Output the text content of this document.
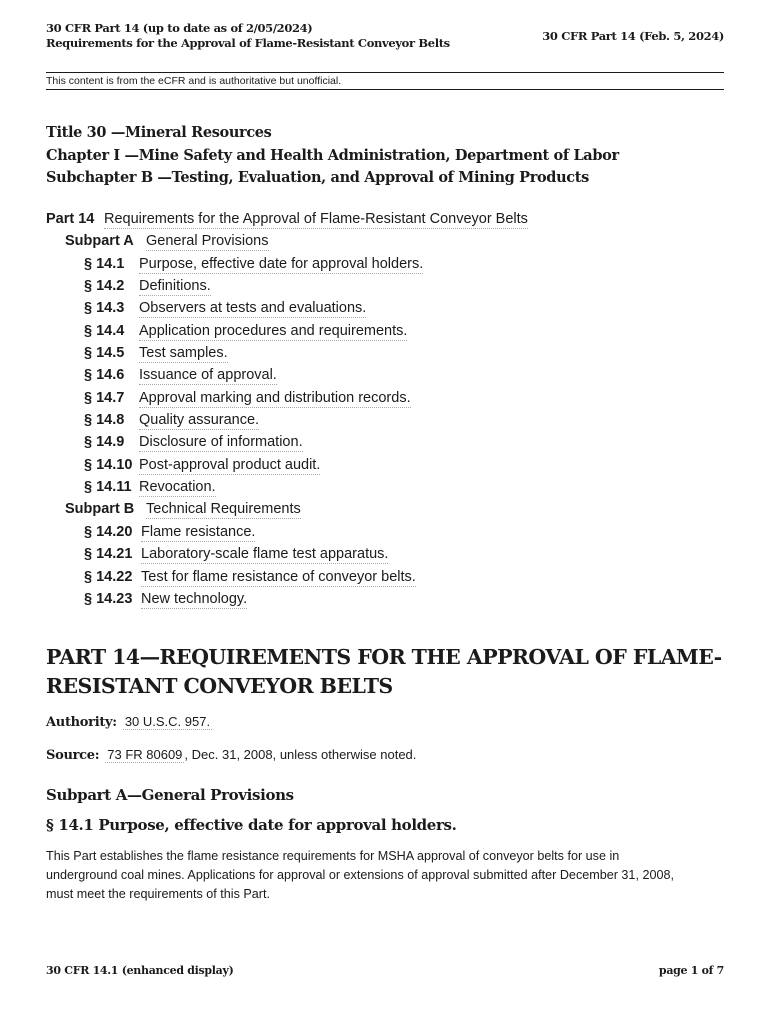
30 CFR Part 14 (up to date as of 2/05/2024)
Requirements for the Approval of Flame-Resistant Conveyor Belts	30 CFR Part 14 (Feb. 5, 2024)
This content is from the eCFR and is authoritative but unofficial.
Title 30 —Mineral Resources
Chapter I —Mine Safety and Health Administration, Department of Labor
Subchapter B —Testing, Evaluation, and Approval of Mining Products
Part 14 Requirements for the Approval of Flame-Resistant Conveyor Belts
Subpart A General Provisions
§ 14.1 Purpose, effective date for approval holders.
§ 14.2 Definitions.
§ 14.3 Observers at tests and evaluations.
§ 14.4 Application procedures and requirements.
§ 14.5 Test samples.
§ 14.6 Issuance of approval.
§ 14.7 Approval marking and distribution records.
§ 14.8 Quality assurance.
§ 14.9 Disclosure of information.
§ 14.10 Post-approval product audit.
§ 14.11 Revocation.
Subpart B Technical Requirements
§ 14.20 Flame resistance.
§ 14.21 Laboratory-scale flame test apparatus.
§ 14.22 Test for flame resistance of conveyor belts.
§ 14.23 New technology.
PART 14—REQUIREMENTS FOR THE APPROVAL OF FLAME-
RESISTANT CONVEYOR BELTS
Authority: 30 U.S.C. 957.
Source: 73 FR 80609 , Dec. 31, 2008, unless otherwise noted.
Subpart A—General Provisions
§ 14.1 Purpose, effective date for approval holders.
This Part establishes the flame resistance requirements for MSHA approval of conveyor belts for use in
underground coal mines. Applications for approval or extensions of approval submitted after December 31, 2008,
must meet the requirements of this Part.
30 CFR 14.1 (enhanced display)	page 1 of 7
